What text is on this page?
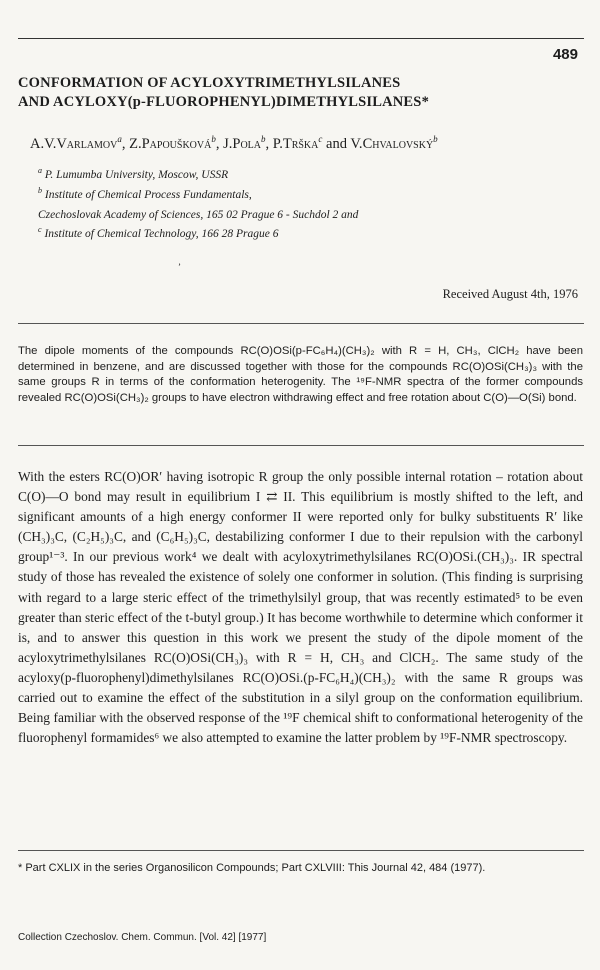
489
CONFORMATION OF ACYLOXYTRIMETHYLSILANES
AND ACYLOXY(p-FLUOROPHENYL)DIMETHYLSILANES*
A.V.Varlamov$^a$, Z.Papoušková$^b$, J.Pola$^b$, P.Trška$^c$ and V.Chvalovský$^b$
$^a$ P. Lumumba University, Moscow, USSR
$^b$ Institute of Chemical Process Fundamentals,
Czechoslovak Academy of Sciences, 165 02 Prague 6 - Suchdol 2 and
$^c$ Institute of Chemical Technology, 166 28 Prague 6
’
Received August 4th, 1976
The dipole moments of the compounds RC(O)OSi(p-FC₆H₄)(CH₃)₂ with R = H, CH₃, ClCH₂ have been determined in benzene, and are discussed together with those for the compounds RC(O)OSi(CH₃)₃ with the same groups R in terms of the conformation heterogenity. The ¹⁹F-NMR spectra of the former compounds revealed RC(O)OSi(CH₃)₂ groups to have electron withdrawing effect and free rotation about C(O)—O(Si) bond.
With the esters RC(O)OR′ having isotropic R group the only possible internal rotation – rotation about C(O)—O bond may result in equilibrium I ⇄ II. This equilibrium is mostly shifted to the left, and significant amounts of a high energy conformer II were reported only for bulky substituents R′ like (CH₃)₃C, (C₂H₅)₃C, and (C₆H₅)₃C, destabilizing conformer I due to their repulsion with the carbonyl group¹⁻³. In our previous work⁴ we dealt with acyloxytrimethylsilanes RC(O)OSi.(CH₃)₃. IR spectral study of those has revealed the existence of solely one conformer in solution. (This finding is surprising with regard to a large steric effect of the trimethylsilyl group, that was recently estimated⁵ to be even greater than steric effect of the t-butyl group.) It has become worthwhile to determine which conformer it is, and to answer this question in this work we present the study of the dipole moment of the acyloxytrimethylsilanes RC(O)OSi(CH₃)₃ with R = H, CH₃ and ClCH₂. The same study of the acyloxy(p-fluorophenyl)dimethylsilanes RC(O)OSi.(p-FC₆H₄)(CH₃)₂ with the same R groups was carried out to examine the effect of the substitution in a silyl group on the conformation equilibrium. Being familiar with the observed response of the ¹⁹F chemical shift to conformational heterogenity of the fluorophenyl formamides⁶ we also attempted to examine the latter problem by ¹⁹F-NMR spectroscopy.
* Part CXLIX in the series Organosilicon Compounds; Part CXLVIII: This Journal 42, 484 (1977).
Collection Czechoslov. Chem. Commun. [Vol. 42] [1977]
